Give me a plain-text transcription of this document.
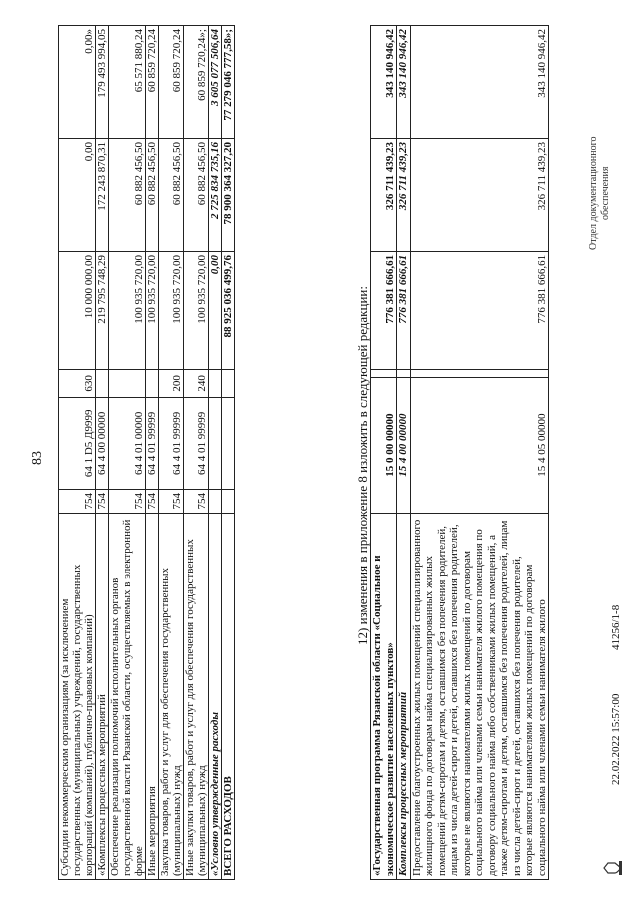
83
Субсидии некоммерческим организациям (за исключением государственных (муниципальных) учреждений, государственных корпораций (компаний), публично-правовых компаний)	754	64 1 D5 Д9999	630	10 000 000,00	0,00	0,00»
«Комплексы процессных мероприятий	754	64 4 00 00000		219 795 748,29	172 243 870,31	179 493 994,05
Обеспечение реализации полномочий исполнительных органов государственной власти Рязанской области, осуществляемых в электронной форме	754	64 4 01 00000		100 935 720,00	60 882 456,50	65 571 880,24
Иные мероприятия	754	64 4 01 99999		100 935 720,00	60 882 456,50	60 859 720,24
Закупка товаров, работ и услуг для обеспечения государственных (муниципальных) нужд	754	64 4 01 99999	200	100 935 720,00	60 882 456,50	60 859 720,24
Иные закупки товаров, работ и услуг для обеспечения государственных (муниципальных) нужд	754	64 4 01 99999	240	100 935 720,00	60 882 456,50	60 859 720,24»;
«Условно утвержденные расходы				0,00	2 725 834 735,16	3 605 077 506,64
ВСЕГО РАСХОДОВ				88 925 036 499,76	78 900 364 327,20	77 279 046 777,58»;
12) изменения в приложение 8 изложить в следующей редакции:
«Государственная программа Рязанской области «Социальное и экономическое развитие населенных пунктов»	15 0 00 00000		776 381 666,61	326 711 439,23	343 140 946,42
Комплексы процессных мероприятий	15 4 00 00000		776 381 666,61	326 711 439,23	343 140 946,42
Предоставление благоустроенных жилых помещений специализированного жилищного фонда по договорам найма специализированных жилых помещений детям-сиротам и детям, оставшимся без попечения родителей, лицам из числа детей-сирот и детей, оставшихся без попечения родителей, которые не являются нанимателями жилых помещений по договорам социального найма или членами семьи нанимателя жилого помещения по договору социального найма либо собственниками жилых помещений, а также детям-сиротам и детям, оставшимся без попечения родителей, лицам из числа детей-сирот и детей, оставшихся без попечения родителей, которые являются нанимателями жилых помещений по договорам социального найма или членами семьи нанимателя жилого	15 4 05 00000		776 381 666,61	326 711 439,23	343 140 946,42
22.02.2022 15:57:00
41256/1-8
Отдел документационного обеспечения
